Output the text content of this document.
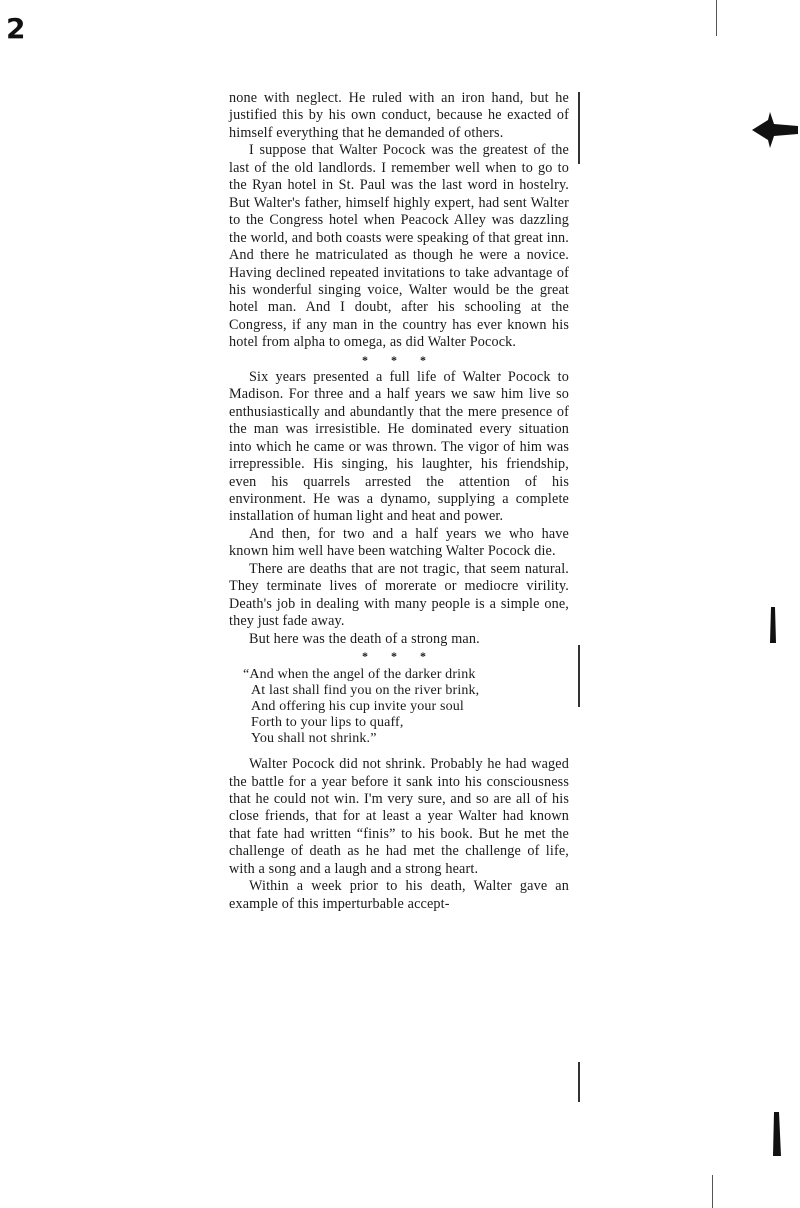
2

none with neglect. He ruled with an iron hand, but he justified this by his own conduct, because he exacted of himself everything that he demanded of others.

I suppose that Walter Pocock was the greatest of the last of the old landlords. I remember well when to go to the Ryan hotel in St. Paul was the last word in hostelry. But Walter's father, himself highly expert, had sent Walter to the Congress hotel when Peacock Alley was dazzling the world, and both coasts were speaking of that great inn. And there he matriculated as though he were a novice. Having declined repeated invitations to take advantage of his wonderful singing voice, Walter would be the great hotel man. And I doubt, after his schooling at the Congress, if any man in the country has ever known his hotel from alpha to omega, as did Walter Pocock.

* * *

Six years presented a full life of Walter Pocock to Madison. For three and a half years we saw him live so enthusiastically and abundantly that the mere presence of the man was irresistible. He dominated every situation into which he came or was thrown. The vigor of him was irrepressible. His singing, his laughter, his friendship, even his quarrels arrested the attention of his environment. He was a dynamo, supplying a complete installation of human light and heat and power.

And then, for two and a half years we who have known him well have been watching Walter Pocock die.

There are deaths that are not tragic, that seem natural. They terminate lives of morerate or mediocre virility. Death's job in dealing with many people is a simple one, they just fade away.

But here was the death of a strong man.

* * *
“And when the angel of the darker drink
At last shall find you on the river brink,
And offering his cup invite your soul
Forth to your lips to quaff,
You shall not shrink.”

Walter Pocock did not shrink. Probably he had waged the battle for a year before it sank into his consciousness that he could not win. I'm very sure, and so are all of his close friends, that for at least a year Walter had known that fate had written “finis” to his book. But he met the challenge of death as he had met the challenge of life, with a song and a laugh and a strong heart.

Within a week prior to his death, Walter gave an example of this imperturbable accept-
